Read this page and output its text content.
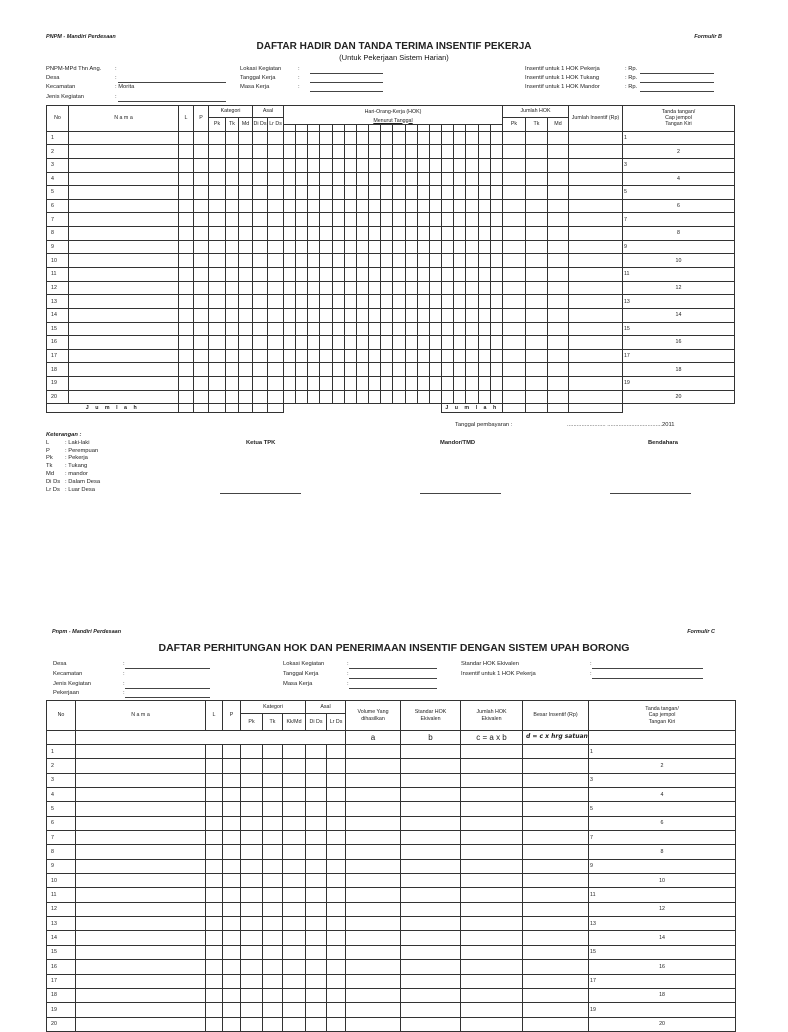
PNPM - Mandiri Perdesaan	Formulir B
DAFTAR HADIR DAN TANDA TERIMA INSENTIF PEKERJA
(Untuk Pekerjaan Sistem Harian)
PNPM-MPd Thn Ang. :
Desa	:
Kecamatan	: Morita
Jenis Kegiatan	:
Lokasi Kegiatan	:
Tanggal Kerja	:
Masa Kerja	:
Insentif untuk 1 HOK Pekerja	: Rp.
Insentif untuk 1 HOK Tukang	: Rp.
Insentif untuk 1 HOK Mandor	: Rp.
No	N a m a	L	P	Kategori			Asal		Hari-Orang-Kerja (HOK)																		Jumlah HOK			Jumlah Insentif (Rp)	Tanda tangan/
Cap jempol
Tangan Kiri
				Pk	Tk	Md	Di Ds	Lr Ds	Menurut Tanggal																		Pk	Tk	Md		

1																															1
2																															2
3																															3
4																															4
5																															5
6																															6
7																															7
8																															8
9																															9
10																															10
11																															11
12																															12
13																															13
14																															14
15																															15
16																															16
17																															17
18																															18
19																															19
20																															20
J u m l a h																						J u m l a h									
Tanggal pembayaran :	........................ ..................................2011
Keterangan :
L	: Laki-laki
P	: Perempuan
Pk : Pekerja
Tk : Tukang
Md : mandor
Di Ds : Dalam Desa
Lr Ds : Luar Desa
Ketua TPK	Mandor/TMD	Bendahara
Pnpm - Mandiri Perdesaan	Formulir C
DAFTAR PERHITUNGAN HOK DAN PENERIMAAN INSENTIF DENGAN SISTEM UPAH BORONG
Desa	:
Kecamatan	:
Jenis Kegiatan	:
Pekerjaan	:
Lokasi Kegiatan	:
Tanggal Kerja	:
Masa Kerja	:
Standar HOK Ekivalen	:
Insentif untuk 1 HOK Pekerja	:
No	N a m a	L	P	Kategori			Asal		Volume Yang
dihasilkan	Standar HOK
Ekivalen	Jumlah HOK
Ekivalen	Besar Insentif (Rp)	Tanda tangan/
Cap jempol
Tangan Kiri
				Pk	Tk	Kk/Md	Di Ds	Lr Ds					
									a	b	c = a x b	d = c x hrg satuan	
1													1
2													2
3													3
4													4
5													5
6													6
7													7
8													8
9													9
10													10
11													11
12													12
13													13
14													14
15													15
16													16
17													17
18													18
19													19
20													20
